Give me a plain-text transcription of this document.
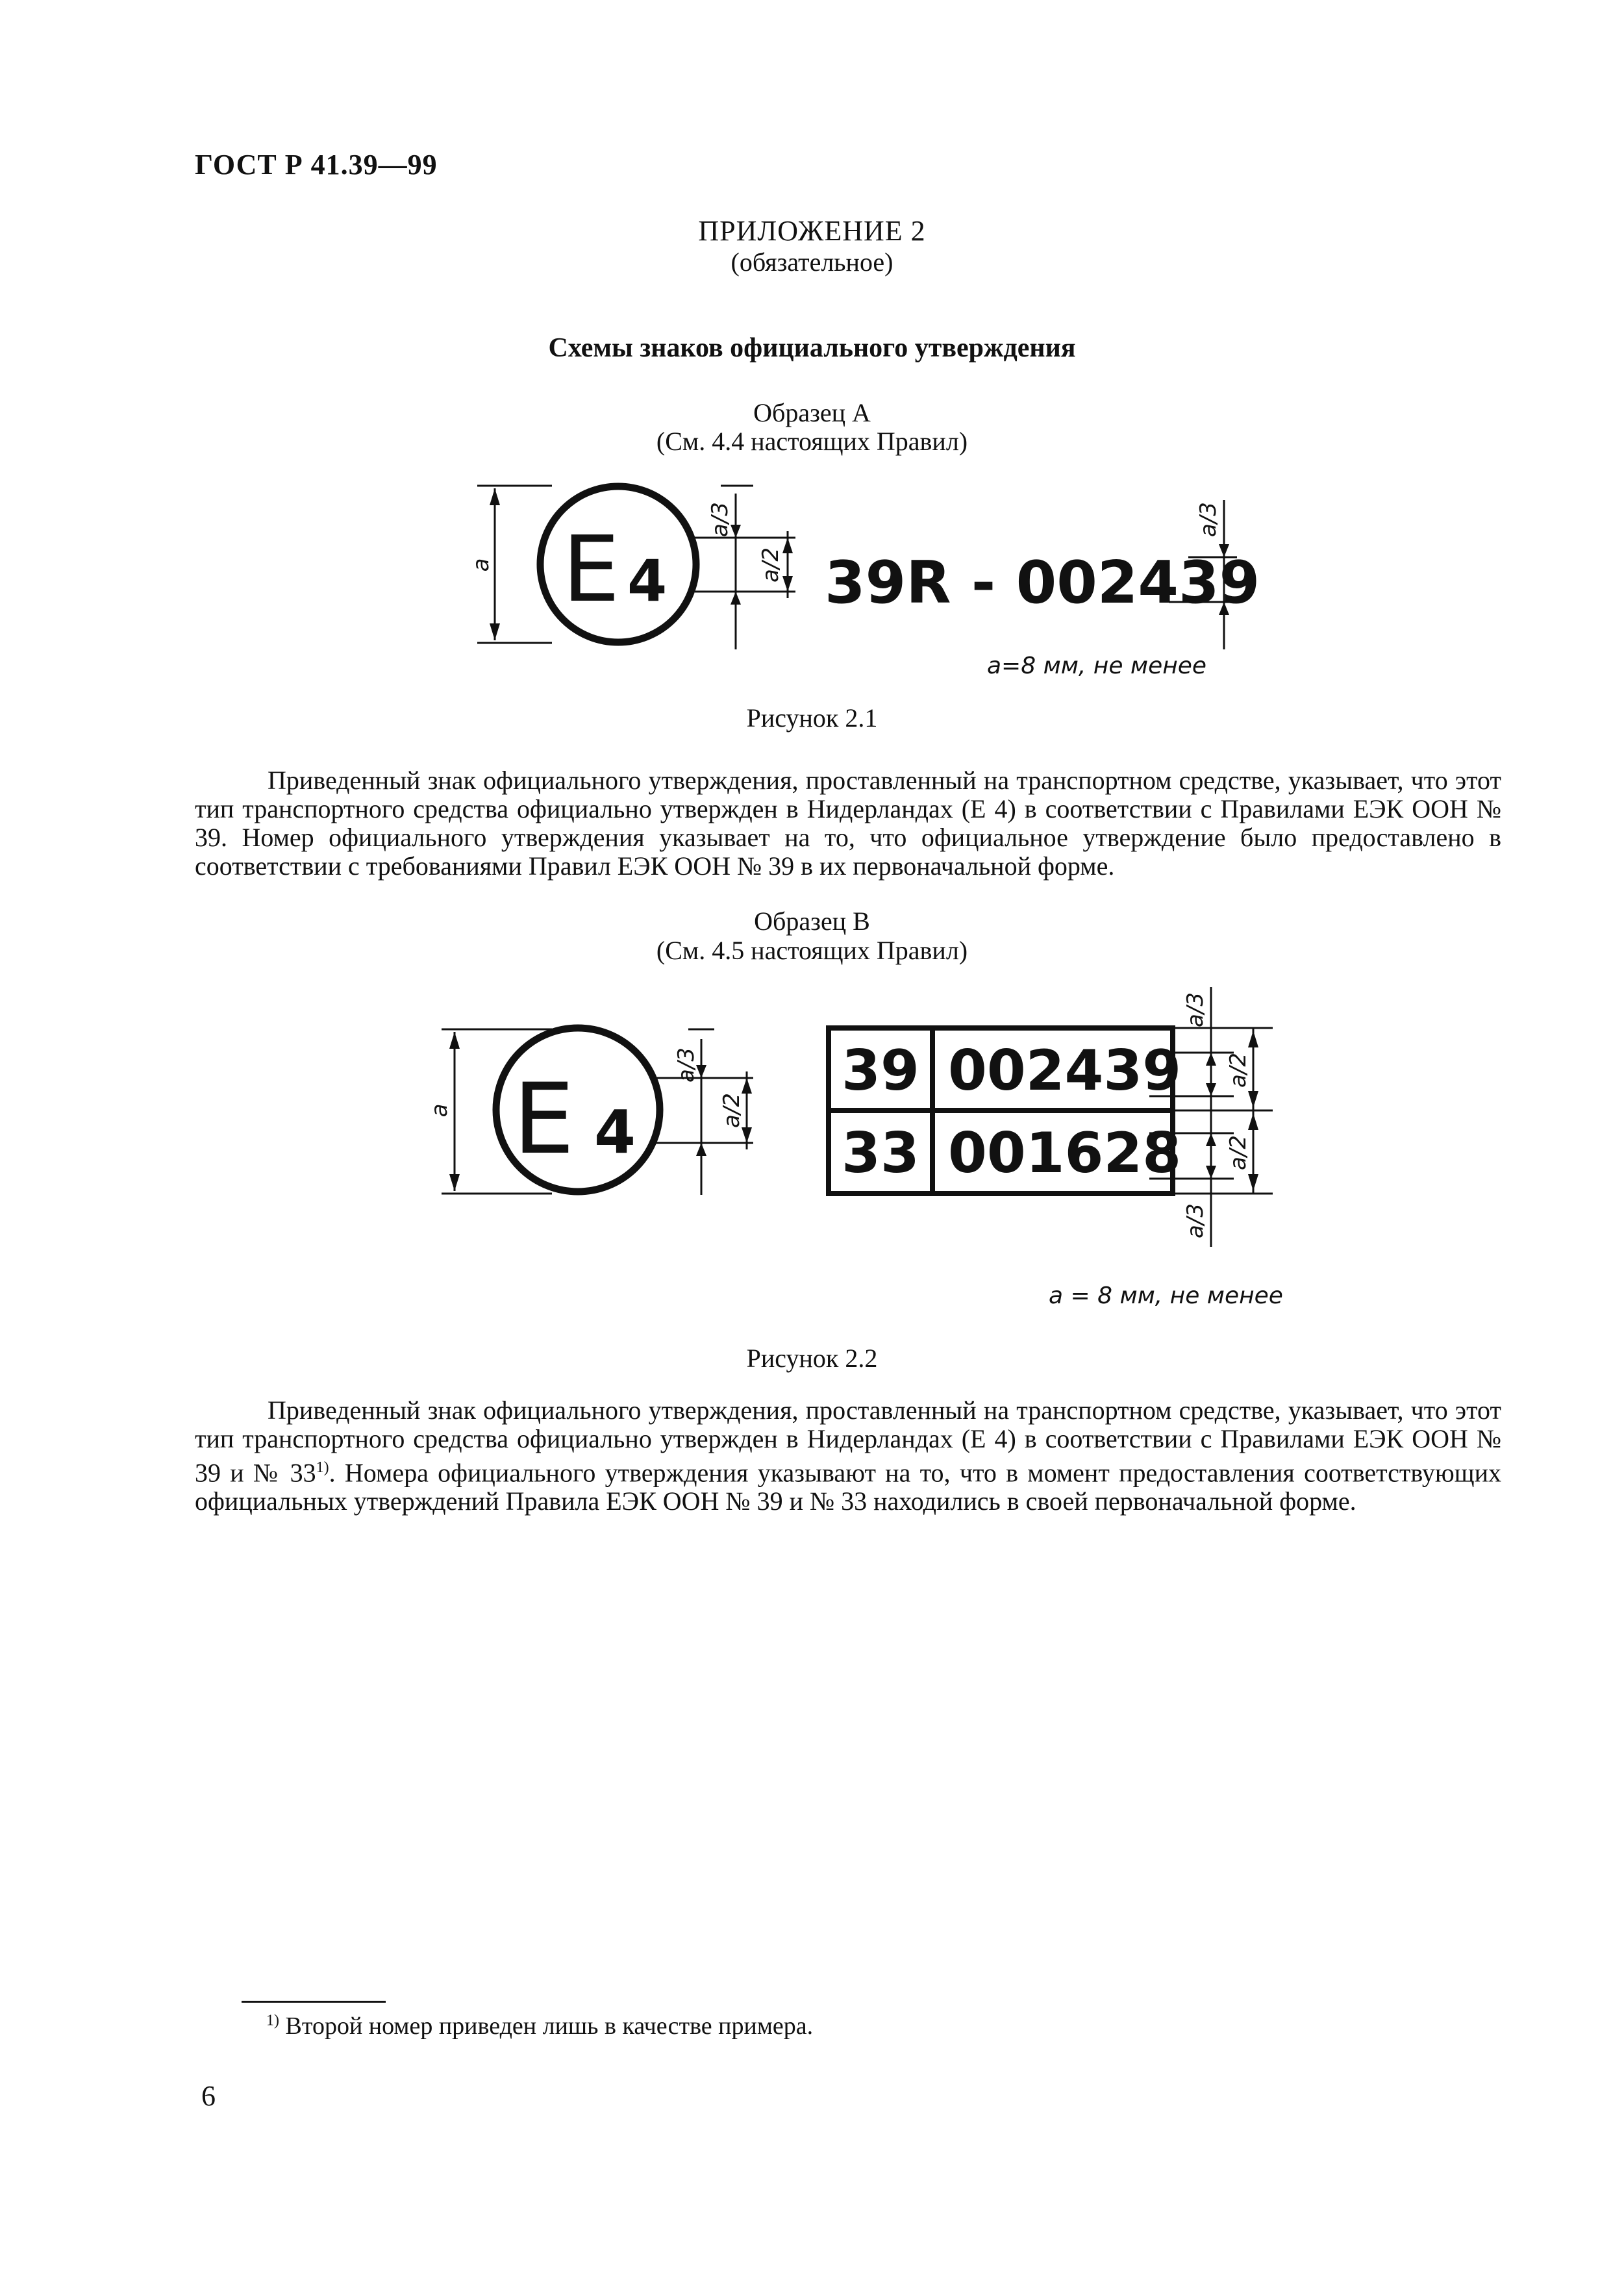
ГОСТ Р 41.39—99
ПРИЛОЖЕНИЕ 2
(обязательное)
Схемы знаков официального утверждения
Образец А
(См. 4.4 настоящих Правил)
E 4	39R - 002439
a
a/3
a/2
a/3
a=8 мм, не менее
Рисунок 2.1

Приведенный знак официального утверждения, проставленный на транспортном средстве, указывает, что этот тип транспортного средства официально утвержден в Нидерландах (Е 4) в соответствии с Правилами ЕЭК ООН № 39. Номер официального утверждения указывает на то, что официальное утверждение было предоставлено в соответствии с требованиями Правил ЕЭК ООН № 39 в их первоначальной форме.

Образец В
(См. 4.5 настоящих Правил)
E 4
39 002439
33 001628
a
a/3
a/2
a/3
a/2
a/2
a/3
a = 8 мм, не менее
Рисунок 2.2

Приведенный знак официального утверждения, проставленный на транспортном средстве, указывает, что этот тип транспортного средства официально утвержден в Нидерландах (Е 4) в соответствии с Правилами ЕЭК ООН № 39 и № 33$^{1)}$. Номера официального утверждения указывают на то, что в момент предоставления соответствующих официальных утверждений Правила ЕЭК ООН № 39 и № 33 находились в своей первоначальной форме.

$^{1)}$ Второй номер приведен лишь в качестве примера.
6
